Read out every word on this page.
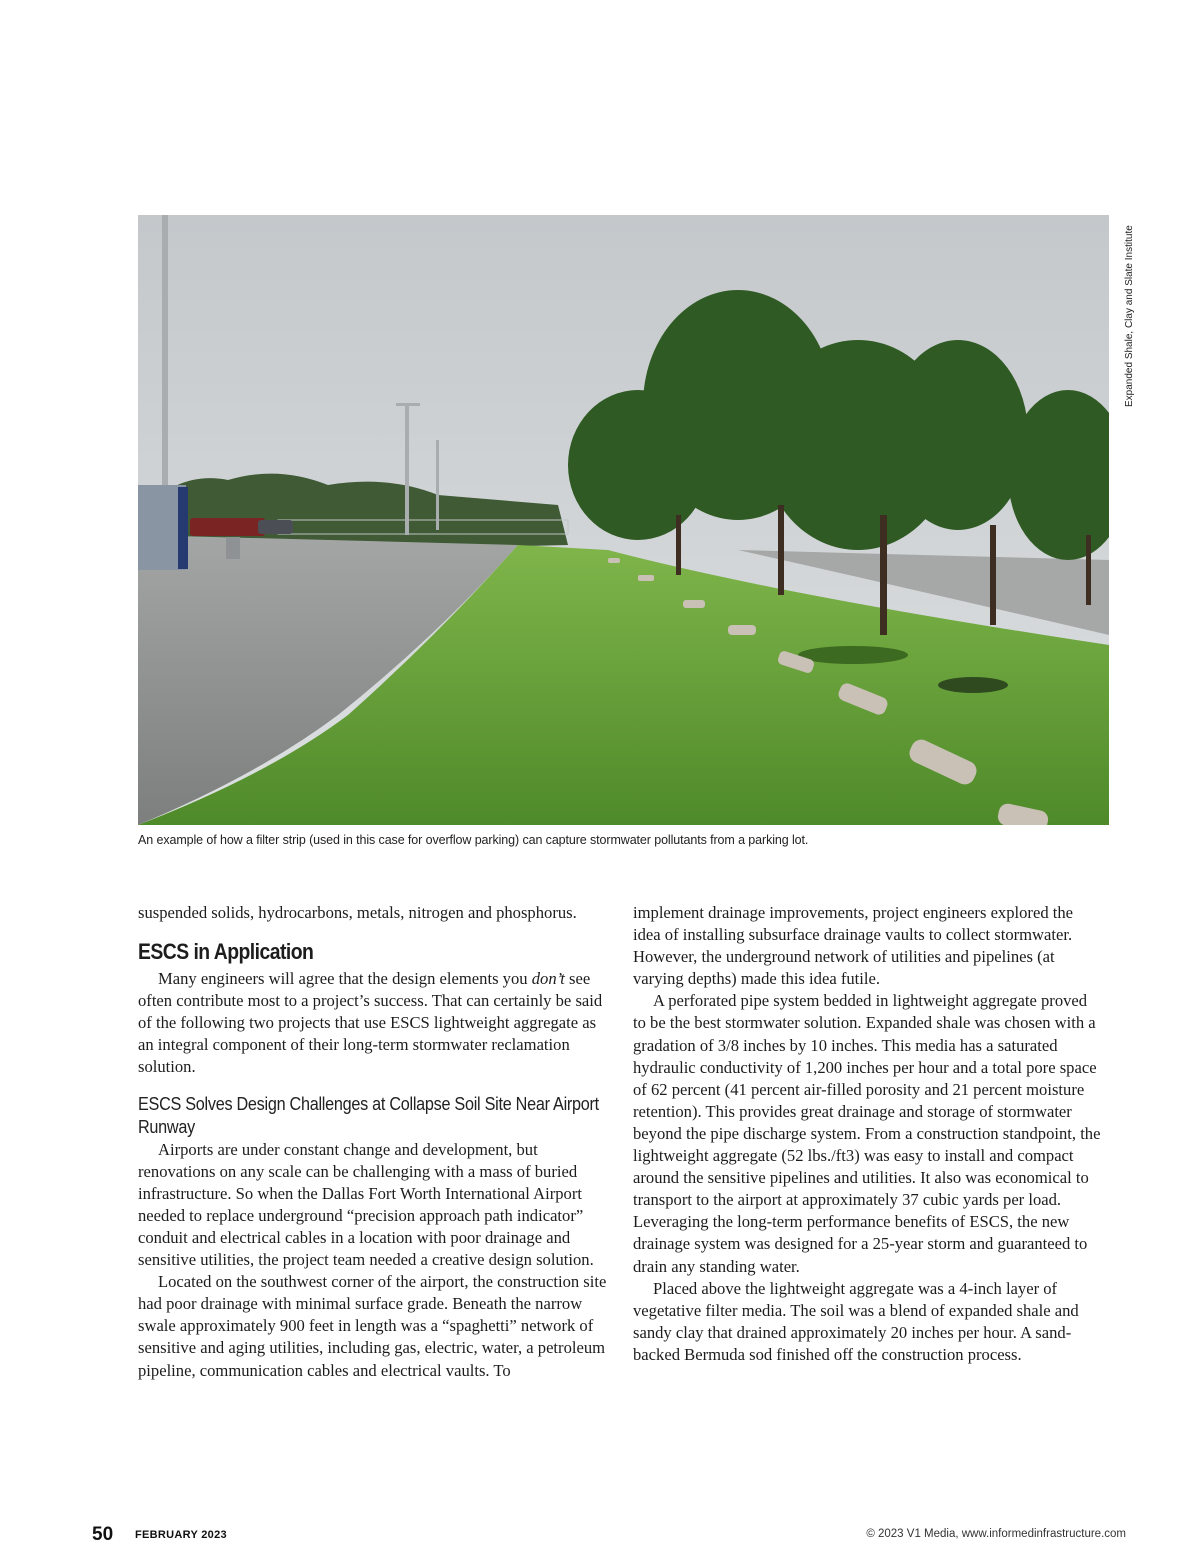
Expanded Shale, Clay and Slate Institute
An example of how a filter strip (used in this case for overflow parking) can capture stormwater pollutants from a parking lot.

suspended solids, hydrocarbons, metals, nitrogen and phosphorus.

ESCS in Application

Many engineers will agree that the design elements you don’t see often contribute most to a project’s success. That can certainly be said of the following two projects that use ESCS lightweight aggregate as an integral component of their long-term stormwater reclamation solution.

ESCS Solves Design Challenges at Collapse Soil Site Near Airport Runway

Airports are under constant change and development, but renovations on any scale can be challenging with a mass of buried infrastructure. So when the Dallas Fort Worth International Airport needed to replace underground “precision approach path indicator” conduit and electrical cables in a location with poor drainage and sensitive utilities, the project team needed a creative design solution.

Located on the southwest corner of the airport, the construction site had poor drainage with minimal surface grade. Beneath the narrow swale approximately 900 feet in length was a “spaghetti” network of sensitive and aging utilities, including gas, electric, water, a petroleum pipeline, communication cables and electrical vaults. To

implement drainage improvements, project engineers explored the idea of installing subsurface drainage vaults to collect stormwater. However, the underground network of utilities and pipelines (at varying depths) made this idea futile.

A perforated pipe system bedded in lightweight aggregate proved to be the best stormwater solution. Expanded shale was chosen with a gradation of 3/8 inches by 10 inches. This media has a saturated hydraulic conductivity of 1,200 inches per hour and a total pore space of 62 percent (41 percent air-filled porosity and 21 percent moisture retention). This provides great drainage and storage of stormwater beyond the pipe discharge system. From a construction standpoint, the lightweight aggregate (52 lbs./ft3) was easy to install and compact around the sensitive pipelines and utilities. It also was economical to transport to the airport at approximately 37 cubic yards per load. Leveraging the long-term performance benefits of ESCS, the new drainage system was designed for a 25-year storm and guaranteed to drain any standing water.

Placed above the lightweight aggregate was a 4-inch layer of vegetative filter media. The soil was a blend of expanded shale and sandy clay that drained approximately 20 inches per hour. A sand-backed Bermuda sod finished off the construction process.

50 FEBRUARY 2023	© 2023 V1 Media, www.informedinfrastructure.com
